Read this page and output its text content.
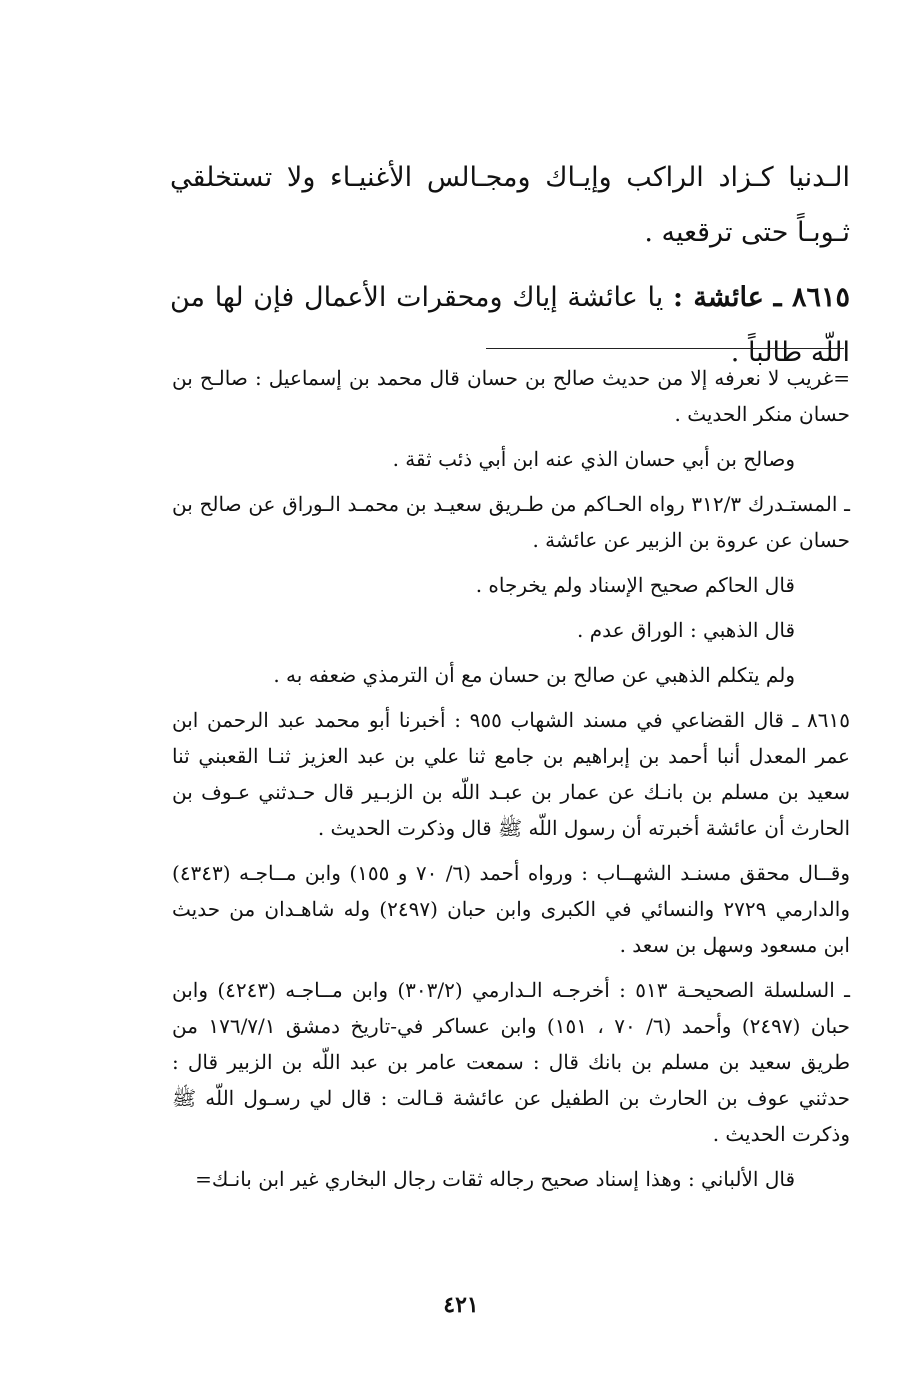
الـدنيا كـزاد الراكب وإيـاك ومجـالس الأغنيـاء ولا تستخلقي ثـوبـاً حتى ترقعيه .

٨٦١٥ ـ عائشة : يا عائشة إياك ومحقرات الأعمال فإن لها من اللّه طالباً .

=غريب لا نعرفه إلا من حديث صالح بن حسان قال محمد بن إسماعيل : صالـح بن حسان منكر الحديث .

وصالح بن أبي حسان الذي عنه ابن أبي ذئب ثقة .

ـ المستـدرك ٣١٢/٣ رواه الحـاكم من طـريق سعيـد بن محمـد الـوراق عن صالح بن حسان عن عروة بن الزبير عن عائشة .

قال الحاكم صحيح الإسناد ولم يخرجاه .

قال الذهبي : الوراق عدم .

ولم يتكلم الذهبي عن صالح بن حسان مع أن الترمذي ضعفه به .

٨٦١٥ ـ قال القضاعي في مسند الشهاب ٩٥٥ : أخبرنا أبو محمد عبد الرحمن ابن عمر المعدل أنبا أحمد بن إبراهيم بن جامع ثنا علي بن عبد العزيز ثنـا القعبني ثنا سعيد بن مسلم بن بانـك عن عمار بن عبـد اللّه بن الزبـير قال حـدثني عـوف بن الحارث أن عائشة أخبرته أن رسول اللّه ﷺ قال وذكرت الحديث .

وقــال محقق مسنـد الشهــاب : ورواه أحمد (٦/ ٧٠ و ١٥٥) وابن مــاجـه (٤٣٤٣) والدارمي ٢٧٢٩ والنسائي في الكبرى وابن حبان (٢٤٩٧) وله شاهـدان من حديث ابن مسعود وسهل بن سعد .

ـ السلسلة الصحيحـة ٥١٣ : أخرجـه الـدارمي (٣٠٣/٢) وابن مــاجـه (٤٢٤٣) وابن حبان (٢٤٩٧) وأحمد (٦/ ٧٠ ، ١٥١) وابن عساكر في-تاريخ دمشق ١٧٦/٧/١ من طريق سعيد بن مسلم بن بانك قال : سمعت عامر بن عبد اللّه بن الزبير قال : حدثني عوف بن الحارث بن الطفيل عن عائشة قـالت : قال لي رسـول اللّه ﷺ وذكرت الحديث .

قال الألباني : وهذا إسناد صحيح رجاله ثقات رجال البخاري غير ابن بانـك=

٤٢١
